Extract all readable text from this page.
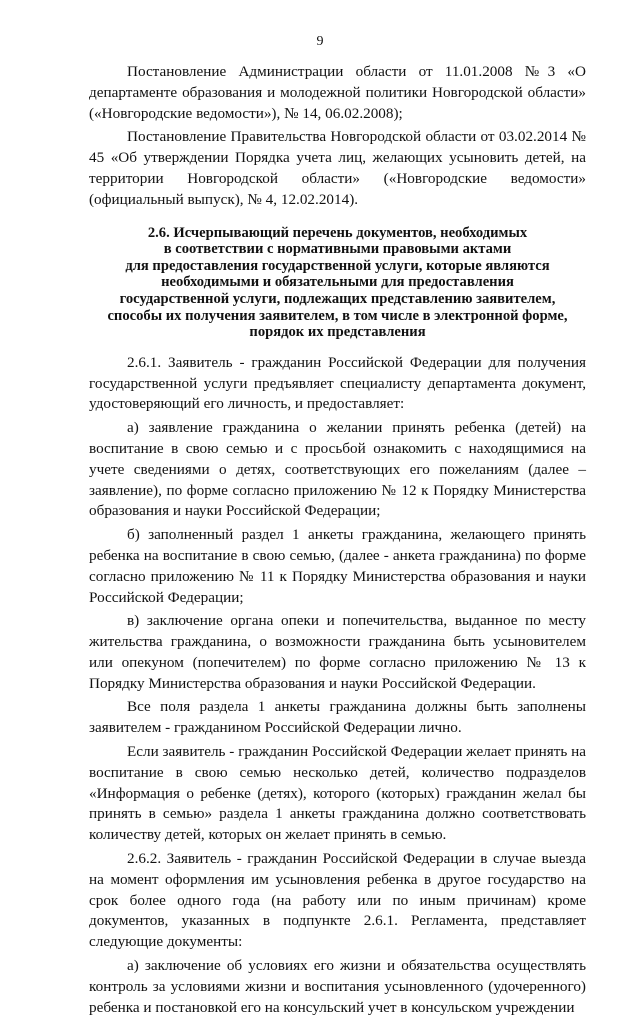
9

Постановление Администрации области от 11.01.2008 №3 «О департаменте образования и молодежной политики Новгородской области» («Новгородские ведомости»), № 14, 06.02.2008);

Постановление Правительства Новгородской области от 03.02.2014 № 45 «Об утверждении Порядка учета лиц, желающих усыновить детей, на территории Новгородской области» («Новгородские ведомости» (официальный выпуск), № 4, 12.02.2014).

2.6. Исчерпывающий перечень документов, необходимых
в соответствии с нормативными правовыми актами
для предоставления государственной услуги, которые являются
необходимыми и обязательными для предоставления
государственной услуги, подлежащих представлению заявителем,
способы их получения заявителем, в том числе в электронной форме,
порядок их представления

2.6.1. Заявитель - гражданин Российской Федерации для получения государственной услуги предъявляет специалисту департамента документ, удостоверяющий его личность, и предоставляет:

а) заявление гражданина о желании принять ребенка (детей) на воспитание в свою семью и с просьбой ознакомить с находящимися на учете сведениями о детях, соответствующих его пожеланиям (далее – заявление), по форме согласно приложению № 12 к Порядку Министерства образования и науки Российской Федерации;

б) заполненный раздел 1 анкеты гражданина, желающего принять ребенка на воспитание в свою семью, (далее - анкета гражданина) по форме согласно приложению № 11 к Порядку Министерства образования и науки Российской Федерации;

в) заключение органа опеки и попечительства, выданное по месту жительства гражданина, о возможности гражданина быть усыновителем или опекуном (попечителем) по форме согласно приложению № 13 к Порядку Министерства образования и науки Российской Федерации.

Все поля раздела 1 анкеты гражданина должны быть заполнены заявителем - гражданином Российской Федерации лично.

Если заявитель - гражданин Российской Федерации желает принять на воспитание в свою семью несколько детей, количество подразделов «Информация о ребенке (детях), которого (которых) гражданин желал бы принять в семью» раздела 1 анкеты гражданина должно соответствовать количеству детей, которых он желает принять в семью.

2.6.2. Заявитель - гражданин Российской Федерации в случае выезда на момент оформления им усыновления ребенка в другое государство на срок более одного года (на работу или по иным причинам) кроме документов, указанных в подпункте 2.6.1. Регламента, представляет следующие документы:

а) заключение об условиях его жизни и обязательства осуществлять контроль за условиями жизни и воспитания усыновленного (удочеренного) ребенка и постановкой его на консульский учет в консульском учреждении
